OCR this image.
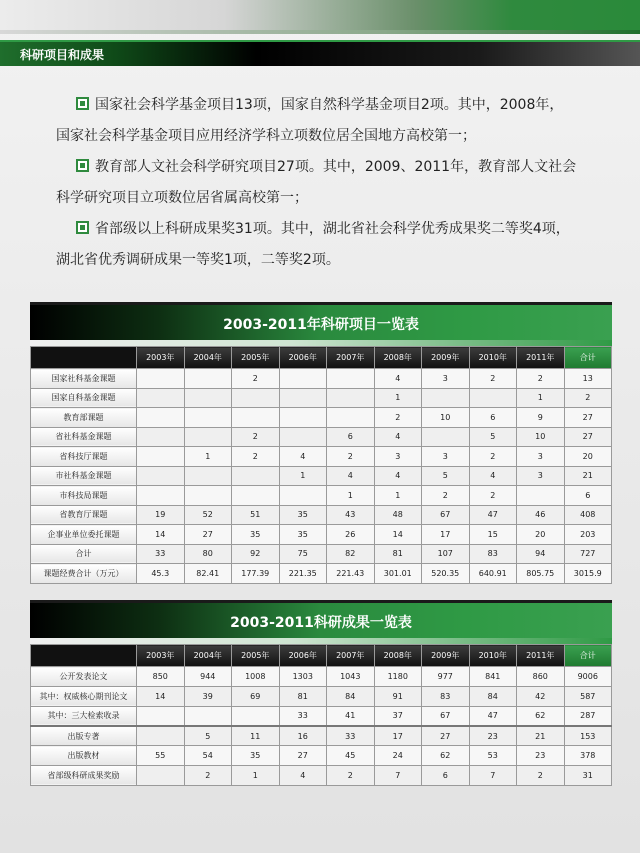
科研项目和成果

国家社会科学基金项目13项，国家自然科学基金项目2项。其中，2008年，

国家社会科学基金项目应用经济学科立项数位居全国地方高校第一；

教育部人文社会科学研究项目27项。其中，2009、2011年，教育部人文社会

科学研究项目立项数位居省属高校第一；

省部级以上科研成果奖31项。其中，湖北省社会科学优秀成果奖二等奖4项，

湖北省优秀调研成果一等奖1项，二等奖2项。

2003-2011年科研项目一览表
	2003年	2004年	2005年	2006年	2007年	2008年	2009年	2010年	2011年	合计
国家社科基金课题			2			4	3	2	2	13
国家自科基金课题						1			1	2
教育部课题						2	10	6	9	27
省社科基金课题			2		6	4		5	10	27
省科技厅课题		1	2	4	2	3	3	2	3	20
市社科基金课题				1	4	4	5	4	3	21
市科技局课题					1	1	2	2		6
省教育厅课题	19	52	51	35	43	48	67	47	46	408
企事业单位委托课题	14	27	35	35	26	14	17	15	20	203
合计	33	80	92	75	82	81	107	83	94	727
课题经费合计（万元）	45.3	82.41	177.39	221.35	221.43	301.01	520.35	640.91	805.75	3015.9
2003-2011科研成果一览表
	2003年	2004年	2005年	2006年	2007年	2008年	2009年	2010年	2011年	合计
公开发表论文	850	944	1008	1303	1043	1180	977	841	860	9006
其中：权威核心期刊论文	14	39	69	81	84	91	83	84	42	587
其中：三大检索收录				33	41	37	67	47	62	287
出版专著		5	11	16	33	17	27	23	21	153
出版教材	55	54	35	27	45	24	62	53	23	378
省部级科研成果奖励		2	1	4	2	7	6	7	2	31
